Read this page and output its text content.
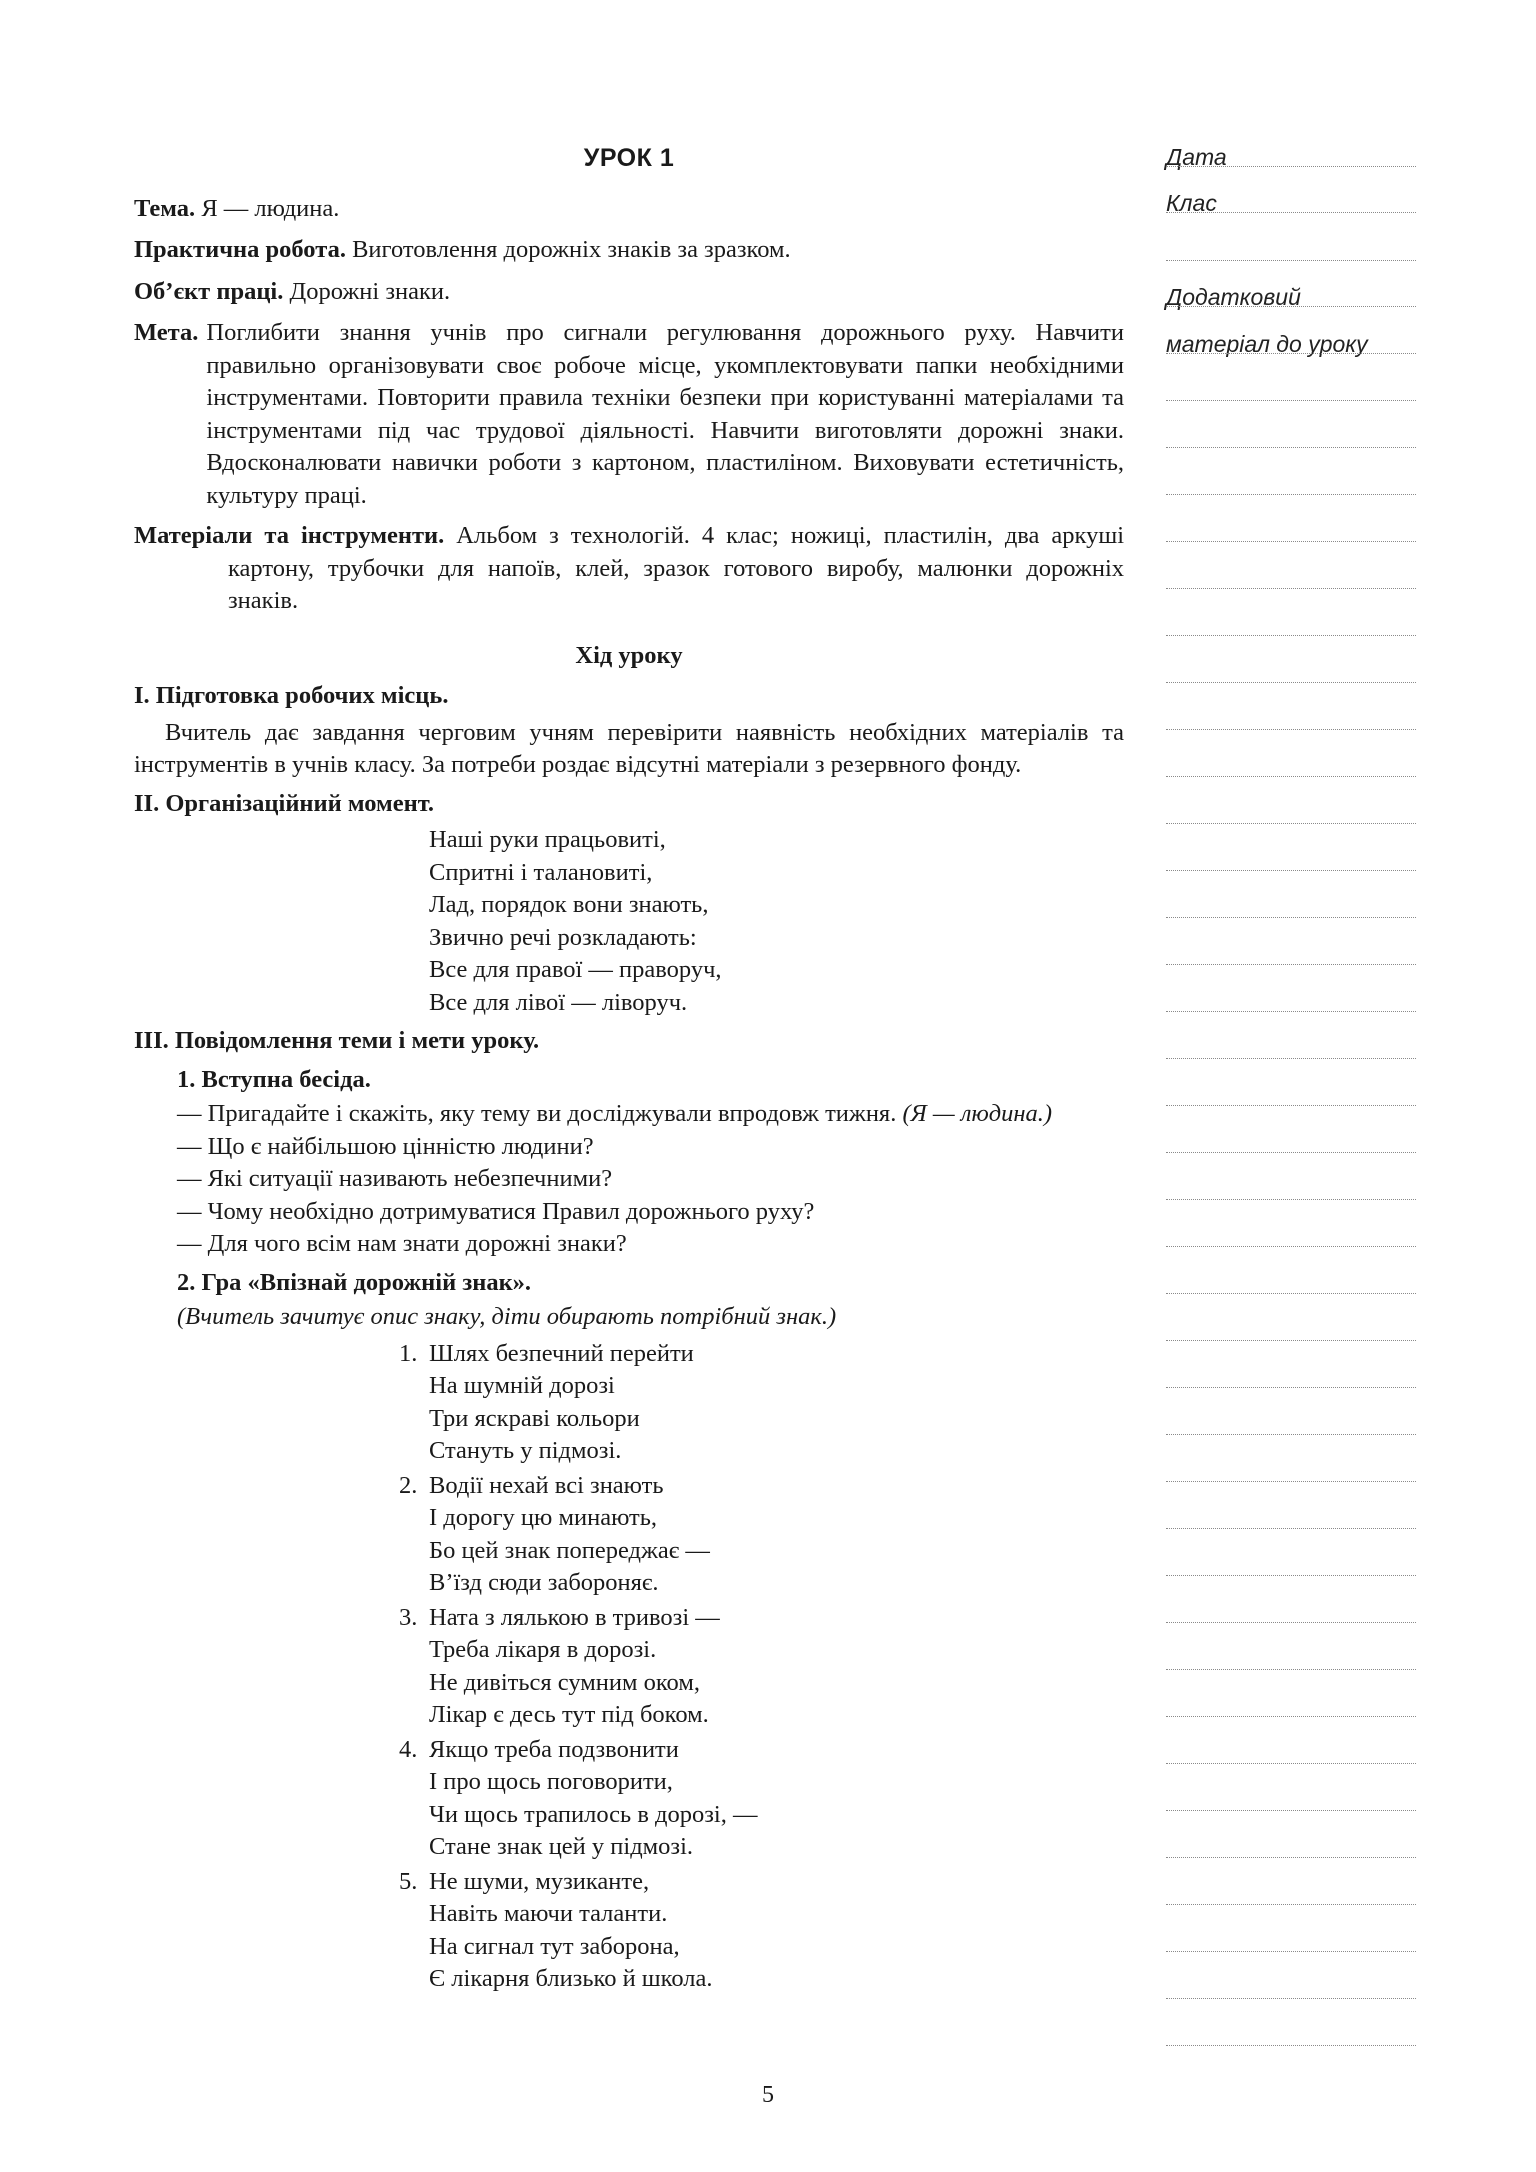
УРОК 1

Тема. Я — людина.

Практична робота. Виготовлення дорожніх знаків за зразком.

Об’єкт праці. Дорожні знаки.

Мета. Поглибити знання учнів про сигнали регулювання дорожнього руху. Навчити правильно організовувати своє робоче місце, укомплектовувати папки необхідними інструментами. Повторити правила техніки безпеки при користуванні матеріалами та інструментами під час трудової діяльності. Навчити виготовляти дорожні знаки. Вдосконалювати навички роботи з картоном, пластиліном. Виховувати естетичність, культуру праці.

Матеріали та інструменти. Альбом з технологій. 4 клас; ножиці, пластилін, два аркуші картону, трубочки для напоїв, клей, зразок готового виробу, малюнки дорожніх знаків.

Хід уроку
І. Підготовка робочих місць.

Вчитель дає завдання черговим учням перевірити наявність необхідних матеріалів та інструментів в учнів класу. За потреби роздає відсутні матеріали з резервного фонду.

ІІ. Організаційний момент.
Наші руки працьовиті,
Спритні і талановиті,
Лад, порядок вони знають,
Звично речі розкладають:
Все для правої — праворуч,
Все для лівої — ліворуч.
ІІІ. Повідомлення теми і мети уроку.
1. Вступна бесіда.

— Пригадайте і скажіть, яку тему ви досліджували впродовж тижня. (Я — людина.)

— Що є найбільшою цінністю людини?
— Які ситуації називають небезпечними?
— Чому необхідно дотримуватися Правил дорожнього руху?
— Для чого всім нам знати дорожні знаки?
2. Гра «Впізнай дорожній знак».
(Вчитель зачитує опис знаку, діти обирають потрібний знак.)
1. Шлях безпечний перейти
На шумній дорозі
Три яскраві кольори
Стануть у підмозі.
2. Водії нехай всі знають
І дорогу цю минають,
Бо цей знак попереджає —
В’їзд сюди забороняє.
3. Ната з лялькою в тривозі —
Треба лікаря в дорозі.
Не дивіться сумним оком,
Лікар є десь тут під боком.
4. Якщо треба подзвонити
І про щось поговорити,
Чи щось трапилось в дорозі, —
Стане знак цей у підмозі.
5. Не шуми, музиканте,
Навіть маючи таланти.
На сигнал тут заборона,
Є лікарня близько й школа.
5
Дата
Клас
Додатковий
матеріал до уроку
